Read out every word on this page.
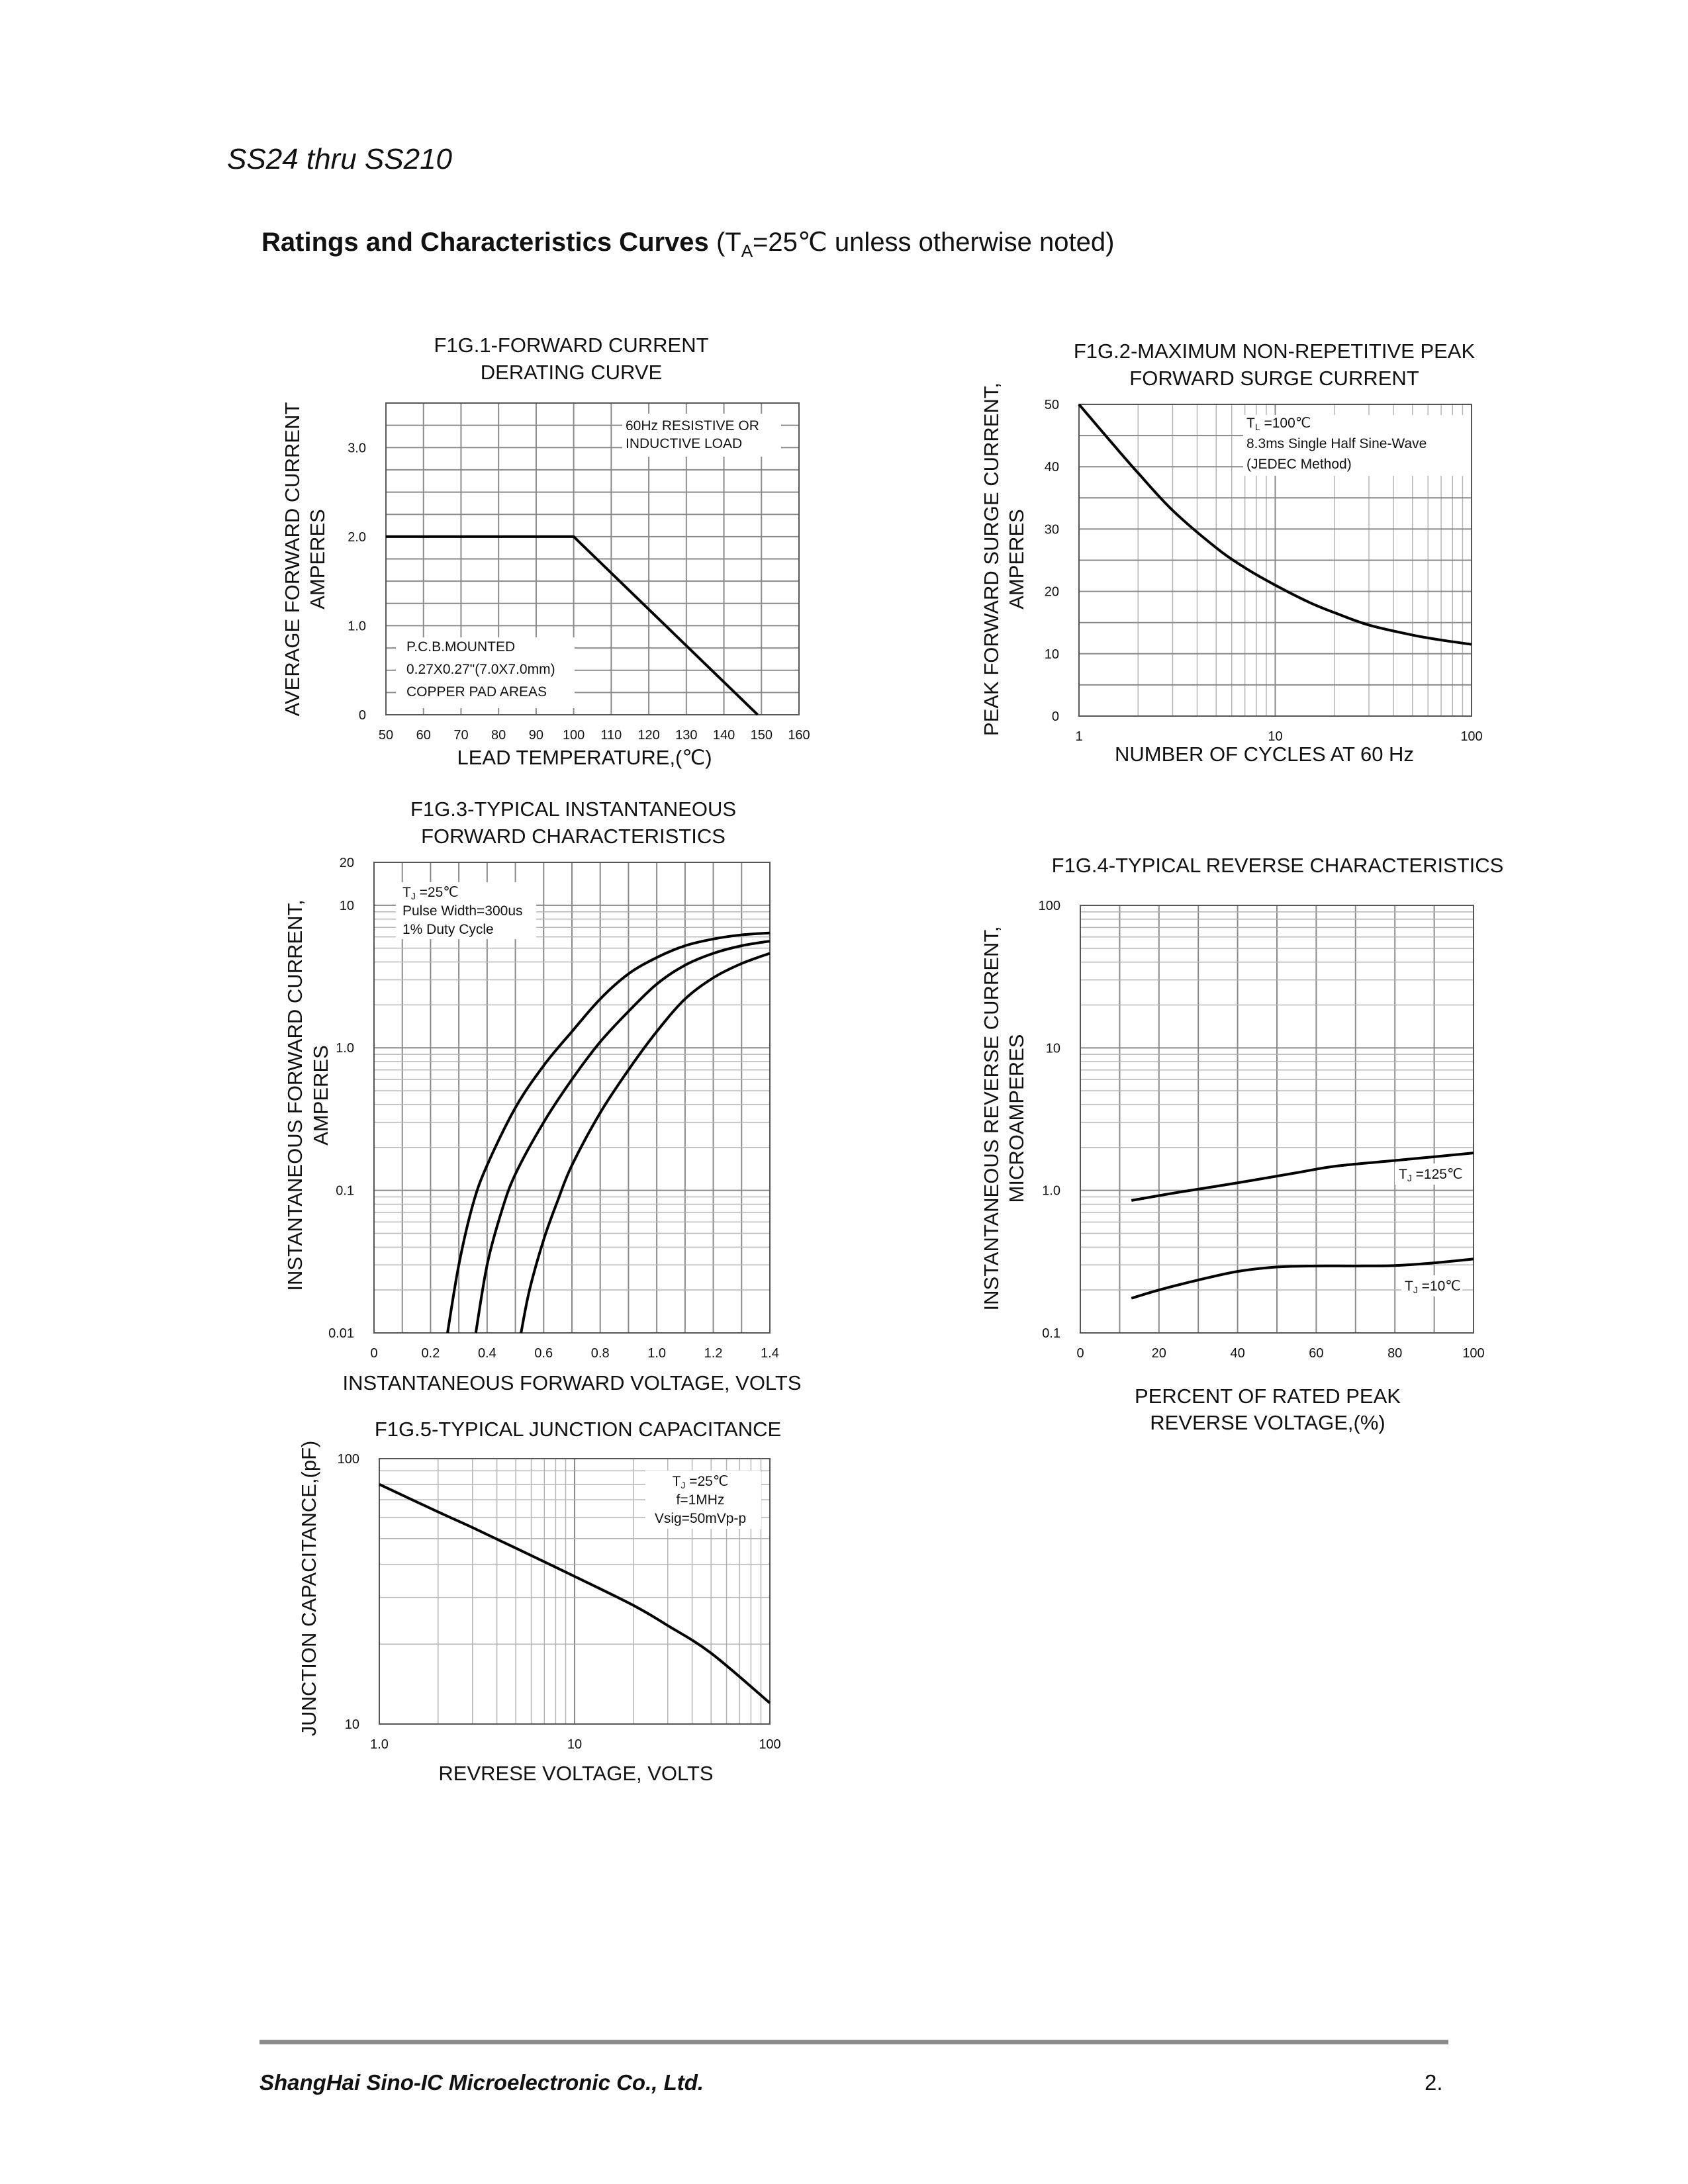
SS24 thru SS210
Ratings and Characteristics Curves ($T_A=25℃$ unless otherwise noted)
50 60 70 80 90 100 110 120 130 140 150 160
0
1.0
2.0
3.0
F1G.1-FORWARD CURRENT
DERATING CURVE
LEAD TEMPERATURE,(℃)
AVERAGE FORWARD CURRENT AMPERES
60Hz RESISTIVE OR
INDUCTIVE LOAD
P.C.B.MOUNTED
0.27X0.27"(7.0X7.0mm)
COPPER PAD AREAS
1	10	100
0
10
20
30
40
50
F1G.2-MAXIMUM NON-REPETITIVE PEAK
FORWARD SURGE CURRENT
NUMBER OF CYCLES AT 60 Hz
PEAK FORWARD SURGE CURRENT, AMPERES
TL =100℃
8.3ms Single Half Sine-Wave
(JEDEC Method)
0	0.2	0.4	0.6	0.8	1.0	1.2	1.4
0.01
0.1
1.0
10
20
F1G.3-TYPICAL INSTANTANEOUS
FORWARD CHARACTERISTICS
INSTANTANEOUS FORWARD VOLTAGE, VOLTS
INSTANTANEOUS FORWARD CURRENT, AMPERES
TJ =25℃
Pulse Width=300us
1% Duty Cycle
0	20	40	60	80	100
0.1
1.0
10
100
F1G.4-TYPICAL REVERSE CHARACTERISTICS
PERCENT OF RATED PEAK
REVERSE VOLTAGE,(%)
INSTANTANEOUS REVERSE CURRENT, MICROAMPERES	TJ =125℃
TJ =10℃
1.0	10	100
10
100
F1G.5-TYPICAL JUNCTION CAPACITANCE
REVRESE VOLTAGE, VOLTS
JUNCTION CAPACITANCE,(pF)	TJ =25℃
f=1MHz
Vsig=50mVp-p
ShangHai Sino-IC Microelectronic Co., Ltd.	2.
